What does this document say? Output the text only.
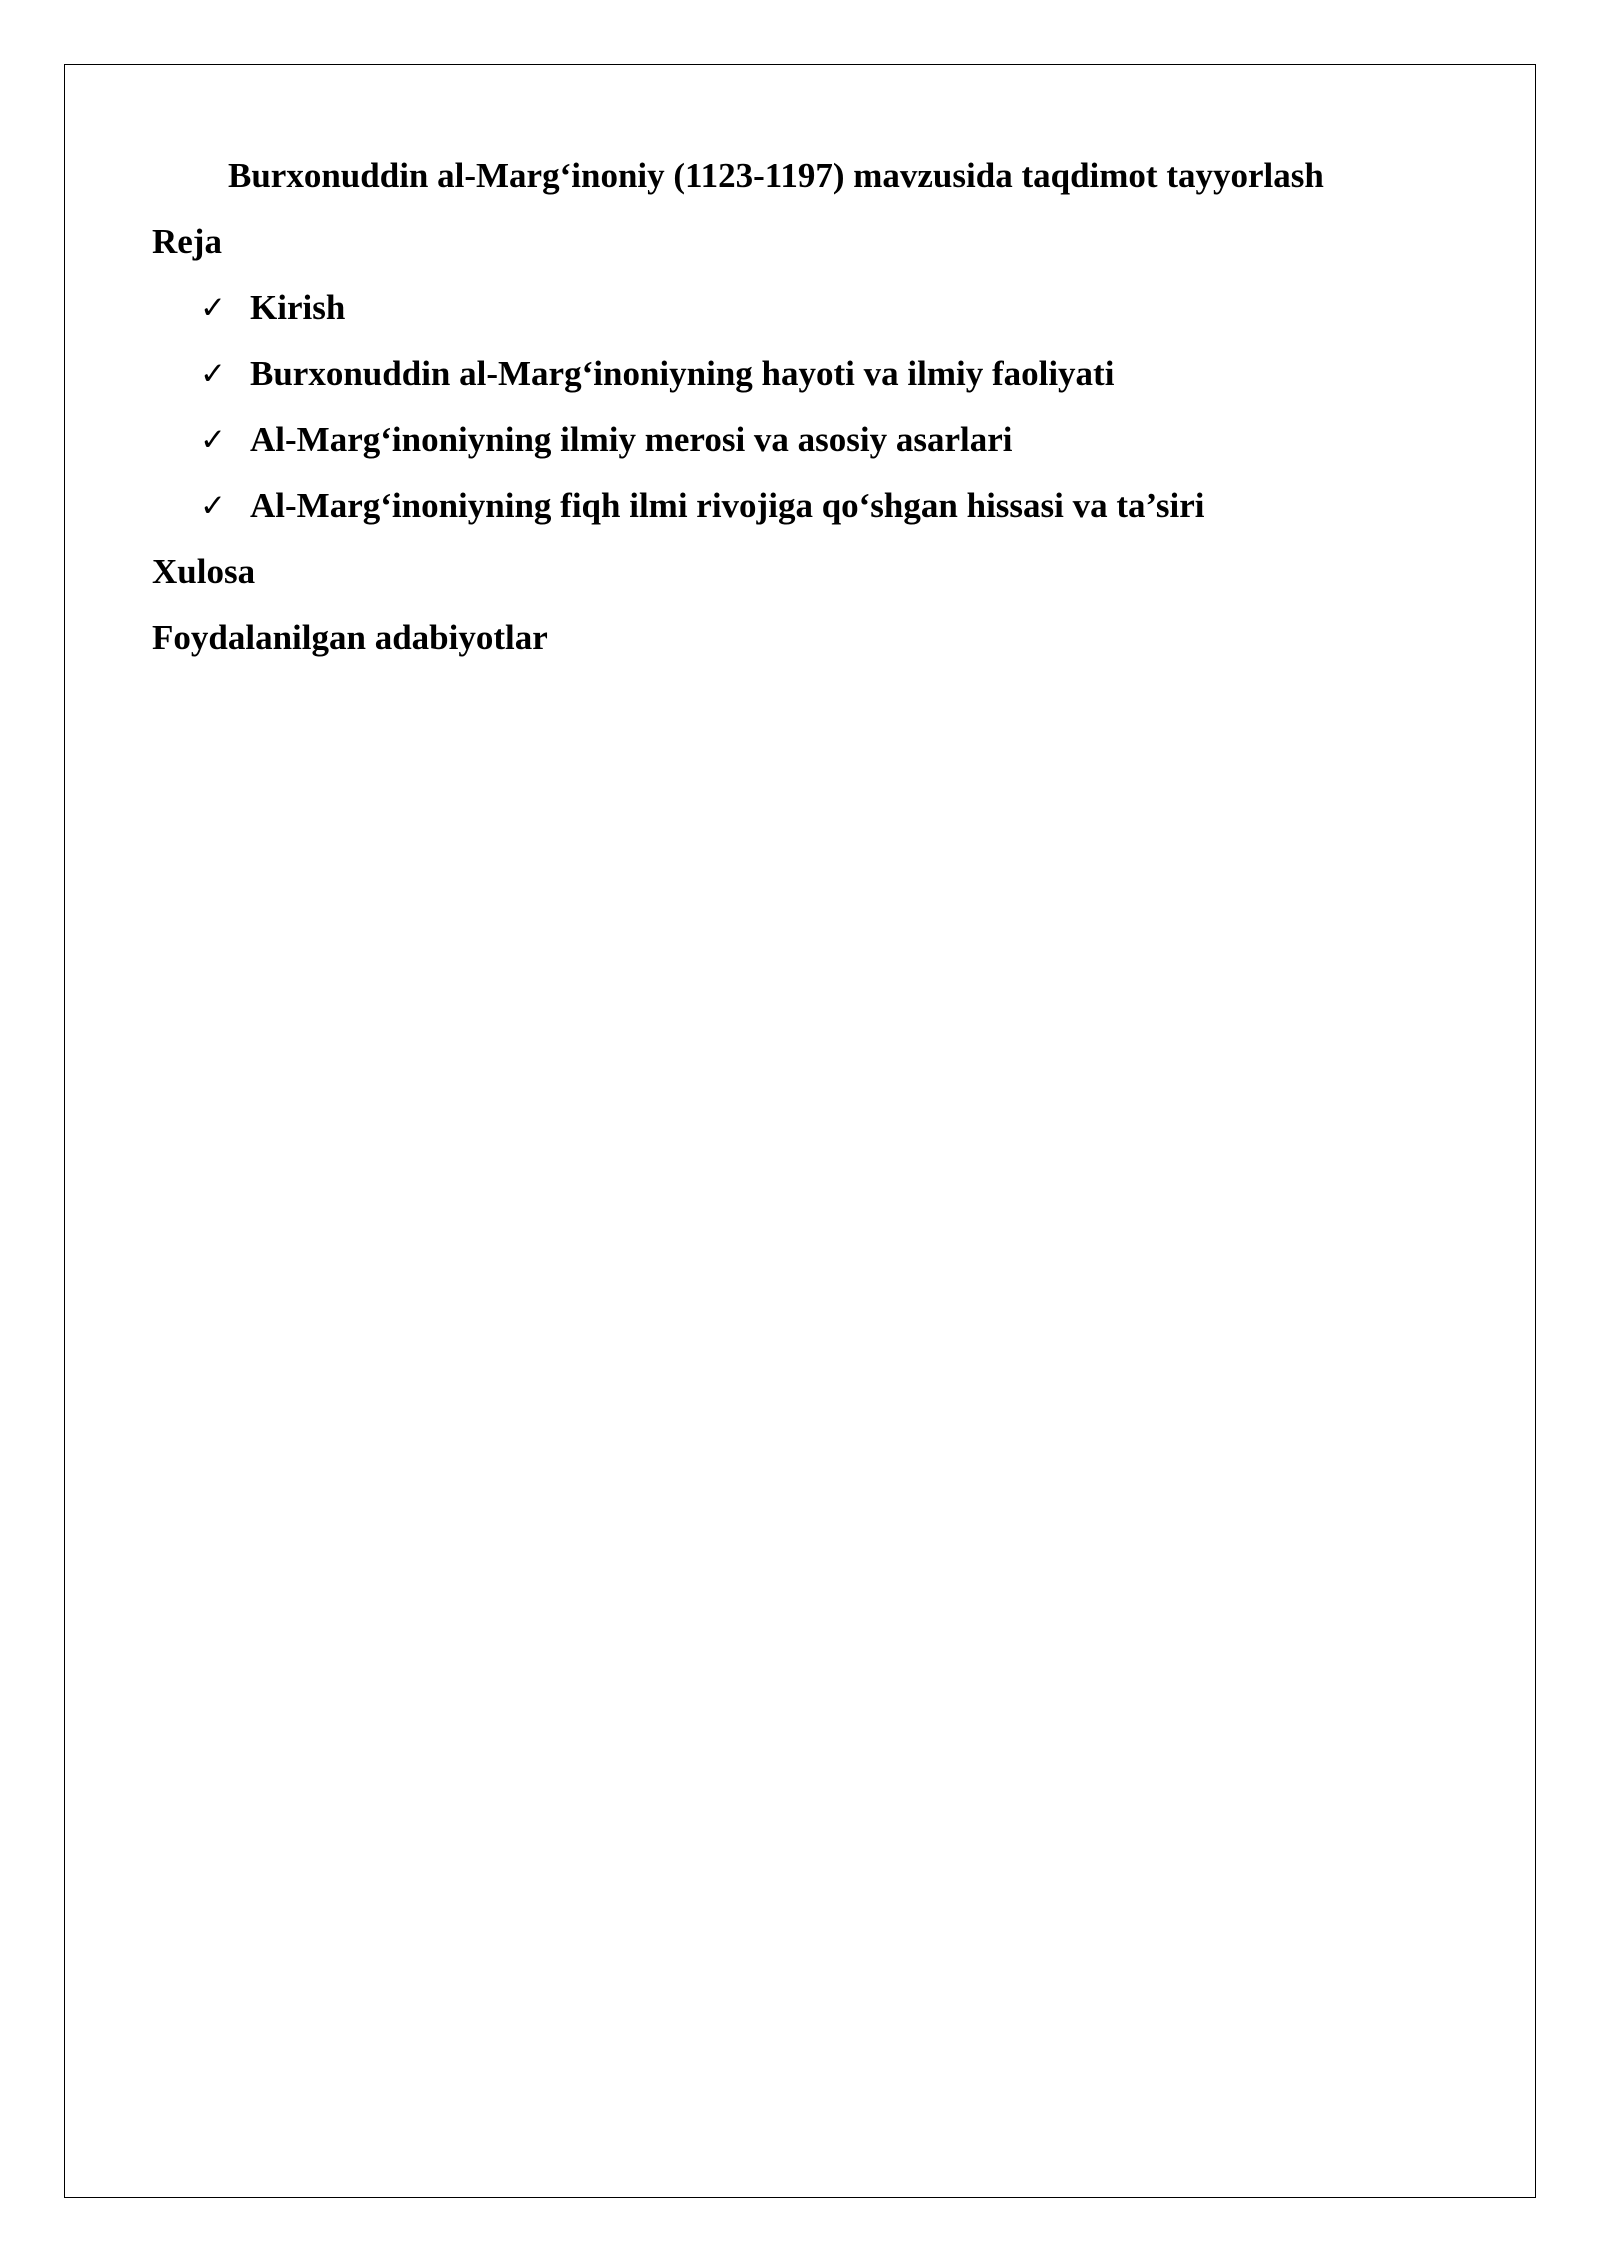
Burxonuddin al-Marg‘inoniy (1123-1197) mavzusida taqdimot tayyorlash
Reja
✓ Kirish
✓ Burxonuddin al-Marg‘inoniyning hayoti va ilmiy faoliyati
✓ Al-Marg‘inoniyning ilmiy merosi va asosiy asarlari
✓ Al-Marg‘inoniyning fiqh ilmi rivojiga qo‘shgan hissasi va ta’siri
Xulosa
Foydalanilgan adabiyotlar
